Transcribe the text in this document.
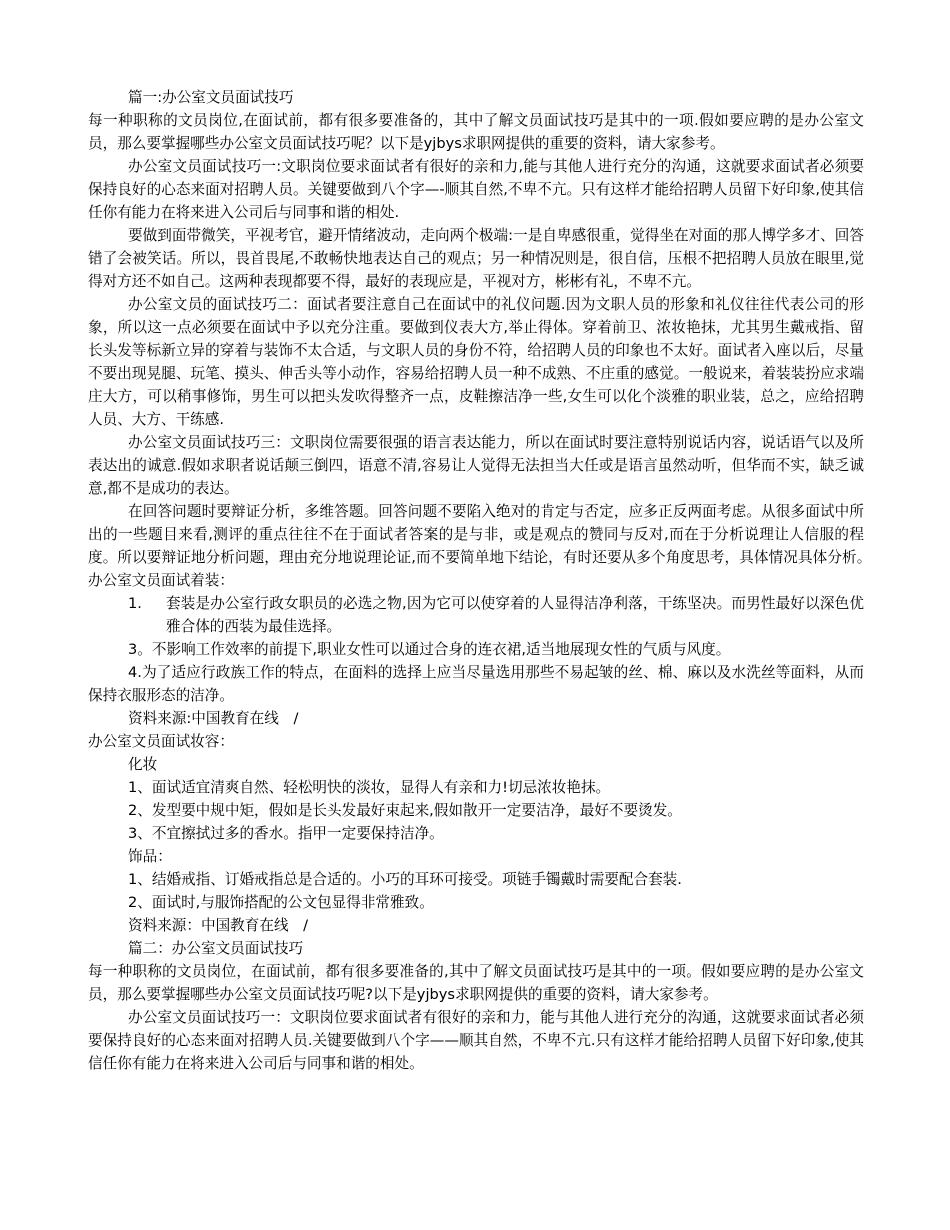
篇一:办公室文员面试技巧

每一种职称的文员岗位,在面试前，都有很多要准备的，其中了解文员面试技巧是其中的一项.假如要应聘的是办公室文员，那么要掌握哪些办公室文员面试技巧呢？以下是yjbys求职网提供的重要的资料，请大家参考。

办公室文员面试技巧一:文职岗位要求面试者有很好的亲和力,能与其他人进行充分的沟通，这就要求面试者必须要保持良好的心态来面对招聘人员。关键要做到八个字—-顺其自然,不卑不亢。只有这样才能给招聘人员留下好印象,使其信任你有能力在将来进入公司后与同事和谐的相处.

要做到面带微笑，平视考官，避开情绪波动，走向两个极端:一是自卑感很重，觉得坐在对面的那人博学多才、回答错了会被笑话。所以，畏首畏尾,不敢畅快地表达自己的观点；另一种情况则是，很自信，压根不把招聘人员放在眼里,觉得对方还不如自己。这两种表现都要不得，最好的表现应是，平视对方，彬彬有礼，不卑不亢。

办公室文员的面试技巧二：面试者要注意自己在面试中的礼仪问题.因为文职人员的形象和礼仪往往代表公司的形象，所以这一点必须要在面试中予以充分注重。要做到仪表大方,举止得体。穿着前卫、浓妆艳抹，尤其男生戴戒指、留长头发等标新立异的穿着与装饰不太合适，与文职人员的身份不符，给招聘人员的印象也不太好。面试者入座以后，尽量不要出现晃腿、玩笔、摸头、伸舌头等小动作，容易给招聘人员一种不成熟、不庄重的感觉。一般说来，着装装扮应求端庄大方，可以稍事修饰，男生可以把头发吹得整齐一点，皮鞋擦洁净一些,女生可以化个淡雅的职业装，总之，应给招聘人员、大方、干练感.

办公室文员面试技巧三：文职岗位需要很强的语言表达能力，所以在面试时要注意特别说话内容，说话语气以及所表达出的诚意.假如求职者说话颠三倒四，语意不清,容易让人觉得无法担当大任或是语言虽然动听，但华而不实，缺乏诚意,都不是成功的表达。

在回答问题时要辩证分析，多维答题。回答问题不要陷入绝对的肯定与否定，应多正反两面考虑。从很多面试中所出的一些题目来看,测评的重点往往不在于面试者答案的是与非，或是观点的赞同与反对,而在于分析说理让人信服的程度。所以要辩证地分析问题，理由充分地说理论证,而不要简单地下结论，有时还要从多个角度思考，具体情况具体分析。　　办公室文员面试着装：

1. 套装是办公室行政女职员的必选之物,因为它可以使穿着的人显得洁净利落，干练坚决。而男性最好以深色优雅合体的西装为最佳选择。

3。不影响工作效率的前提下,职业女性可以通过合身的连衣裙,适当地展现女性的气质与风度。

4.为了适应行政族工作的特点，在面料的选择上应当尽量选用那些不易起皱的丝、棉、麻以及水洗丝等面料，从而保持衣服形态的洁净。

资料来源:中国教育在线　/

办公室文员面试妆容：

化妆

1、面试适宜清爽自然、轻松明快的淡妆，显得人有亲和力!切忌浓妆艳抹。

2、发型要中规中矩，假如是长头发最好束起来,假如散开一定要洁净，最好不要烫发。

3、不宜擦拭过多的香水。指甲一定要保持洁净。

饰品：

1、结婚戒指、订婚戒指总是合适的。小巧的耳环可接受。项链手镯戴时需要配合套装.

2、面试时,与服饰搭配的公文包显得非常雅致。

资料来源：中国教育在线　/

篇二：办公室文员面试技巧

每一种职称的文员岗位，在面试前，都有很多要准备的,其中了解文员面试技巧是其中的一项。假如要应聘的是办公室文员，那么要掌握哪些办公室文员面试技巧呢?以下是yjbys求职网提供的重要的资料，请大家参考。

办公室文员面试技巧一：文职岗位要求面试者有很好的亲和力，能与其他人进行充分的沟通，这就要求面试者必须要保持良好的心态来面对招聘人员.关键要做到八个字——顺其自然，不卑不亢.只有这样才能给招聘人员留下好印象,使其信任你有能力在将来进入公司后与同事和谐的相处。
